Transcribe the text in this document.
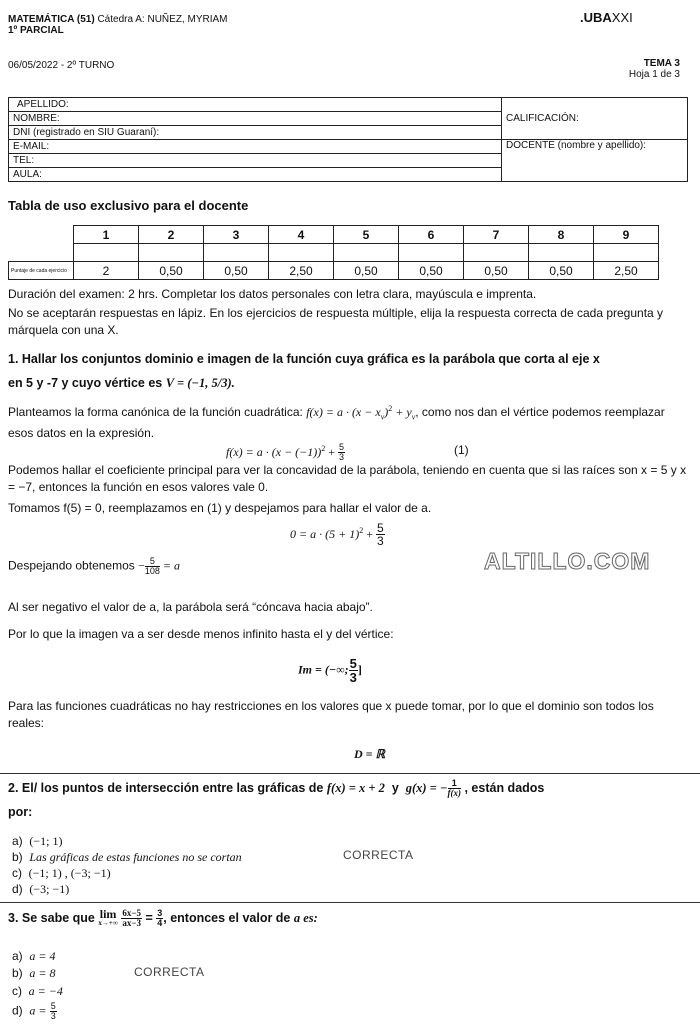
MATEMÁTICA (51) Cátedra A: NUÑEZ, MYRIAM
1º PARCIAL
.UBAXXI
06/05/2022 - 2º TURNO	TEMA 3
Hoja 1 de 3
APELLIDO:	CALIFICACIÓN:
NOMBRE:	
DNI (registrado en SIU Guaraní):	
E-MAIL:	DOCENTE (nombre y apellido):
TEL:	
AULA:	
Tabla de uso exclusivo para el docente
	1	2	3	4	5	6	7	8	9

Puntaje de cada ejercicio	2	0,50	0,50	2,50	0,50	0,50	0,50	0,50	2,50
Duración del examen: 2 hrs. Completar los datos personales con letra clara, mayúscula e imprenta.
No se aceptarán respuestas en lápiz. En los ejercicios de respuesta múltiple, elija la respuesta correcta de cada pregunta y márquela con una X.
1. Hallar los conjuntos dominio e imagen de la función cuya gráfica es la parábola que corta al eje x
en 5 y -7 y cuyo vértice es V = (−1, 5/3).
Planteamos la forma canónica de la función cuadrática: $f(x) = a \cdot (x - x_v)^2 + y_v$, como nos dan el vértice podemos reemplazar esos datos en la expresión.
$f(x) = a \cdot (x - (-1))^2 + \frac{5}{3}$	(1)
Podemos hallar el coeficiente principal para ver la concavidad de la parábola, teniendo en cuenta que si las raíces son x = 5 y x = −7, entonces la función en esos valores vale 0.
Tomamos f(5) = 0, reemplazamos en (1) y despejamos para hallar el valor de a.
$0 = a \cdot (5 + 1)^2 + \frac{5}{3}$
Despejando obtenemos − $\frac{5}{108} = a$	ALTILLO.COM
Al ser negativo el valor de a, la parábola será “cóncava hacia abajo”.
Por lo que la imagen va a ser desde menos infinito hasta el y del vértice:
Im = (−∞; $\frac{5}{3}$ ]
Para las funciones cuadráticas no hay restricciones en los valores que x puede tomar, por lo que el dominio son todos los reales:
D = ℝ
2. El/ los puntos de intersección entre las gráficas de f(x) = x + 2 y g(x) = − $\frac{1}{f(x)}$ , están dados
por:
a) (−1; 1)
b) Las gráficas de estas funciones no se cortan	CORRECTA
c) (−1; 1) , (−3; −1)
d) (−3; −1)
3. Se sabe que lim
x→+∞
$\frac{6x-5}{ax-3} = \frac{3}{4}$ , entonces el valor de a es:
a) a = 4
b) a = 8	CORRECTA
c) a = −4
d) $a = \frac{5}{3}$
